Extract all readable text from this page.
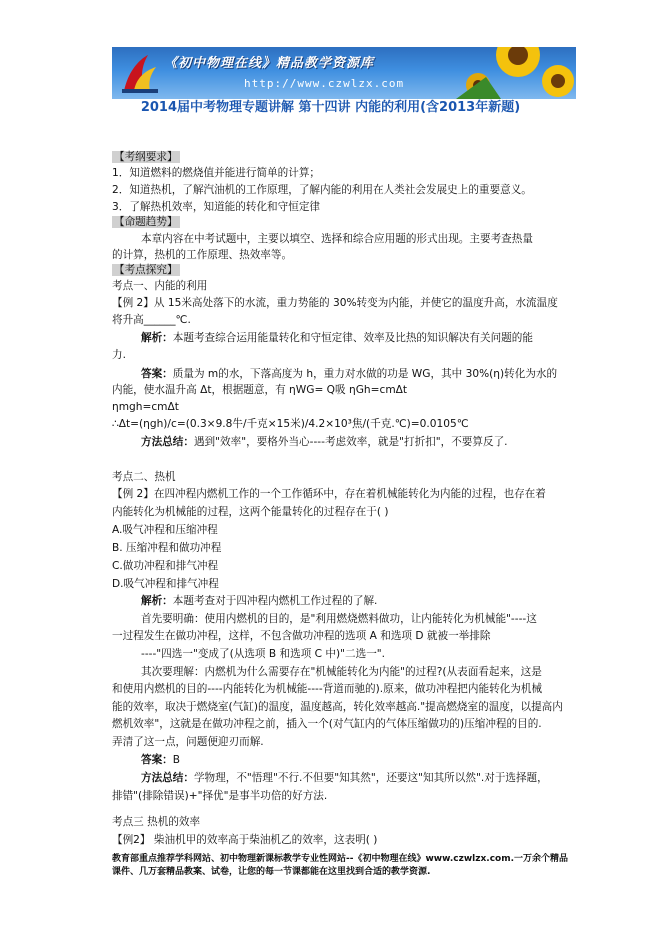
《初中物理在线》精品教学资源库
http://www.czwlzx.com
2014届中考物理专题讲解 第十四讲 内能的利用(含2013年新题)
【考纲要求】
1．知道燃料的燃烧值并能进行简单的计算；
2．知道热机，了解汽油机的工作原理，了解内能的利用在人类社会发展史上的重要意义。
3．了解热机效率，知道能的转化和守恒定律
【命题趋势】
本章内容在中考试题中，主要以填空、选择和综合应用题的形式出现。主要考查热量
的计算，热机的工作原理、热效率等。
【考点探究】
考点一、内能的利用
【例 2】从 15米高处落下的水流，重力势能的 30%转变为内能，并使它的温度升高，水流温度
将升高______℃.
解析：本题考查综合运用能量转化和守恒定律、效率及比热的知识解决有关问题的能
力.
答案：质量为 m的水，下落高度为 h，重力对水做的功是 WG，其中 30%(η)转化为水的
内能，使水温升高 Δt，根据题意，有 ηWG= Q吸 ηGh=cmΔt
ηmgh=cmΔt
∴Δt=(ηgh)/c=(0.3×9.8牛/千克×15米)/4.2×10³焦/(千克.℃)=0.0105℃
方法总结：遇到"效率"，要格外当心----考虑效率，就是"打折扣"，不要算反了.
考点二、热机
【例 2】在四冲程内燃机工作的一个工作循环中，存在着机械能转化为内能的过程，也存在着
内能转化为机械能的过程，这两个能量转化的过程存在于( )
A.吸气冲程和压缩冲程
B. 压缩冲程和做功冲程
C.做功冲程和排气冲程
D.吸气冲程和排气冲程
解析：本题考查对于四冲程内燃机工作过程的了解.
首先要明确：使用内燃机的目的，是"利用燃烧燃料做功，让内能转化为机械能"----这
一过程发生在做功冲程，这样，不包含做功冲程的选项 A 和选项 D 就被一举排除
----"四选一"变成了(从选项 B 和选项 C 中)"二选一".
其次要理解：内燃机为什么需要存在"机械能转化为内能"的过程?(从表面看起来，这是
和使用内燃机的目的----内能转化为机械能----背道而驰的).原来，做功冲程把内能转化为机械
能的效率，取决于燃烧室(气缸)的温度，温度越高，转化效率越高."提高燃烧室的温度，以提高内
燃机效率"，这就是在做功冲程之前，插入一个(对气缸内的气体压缩做功的)压缩冲程的目的.
弄清了这一点，问题便迎刃而解.
答案：B
方法总结：学物理，不"悟理"不行.不但要"知其然"，还要这"知其所以然".对于选择题，
排错"(排除错误)+"择优"是事半功倍的好方法.
考点三 热机的效率
【例2】 柴油机甲的效率高于柴油机乙的效率，这表明( )
教育部重点推荐学科网站、初中物理新课标教学专业性网站--《初中物理在线》www.czwlzx.com.一万余个精品课件、几万套精品教案、试卷，让您的每一节课都能在这里找到合适的教学资源.
